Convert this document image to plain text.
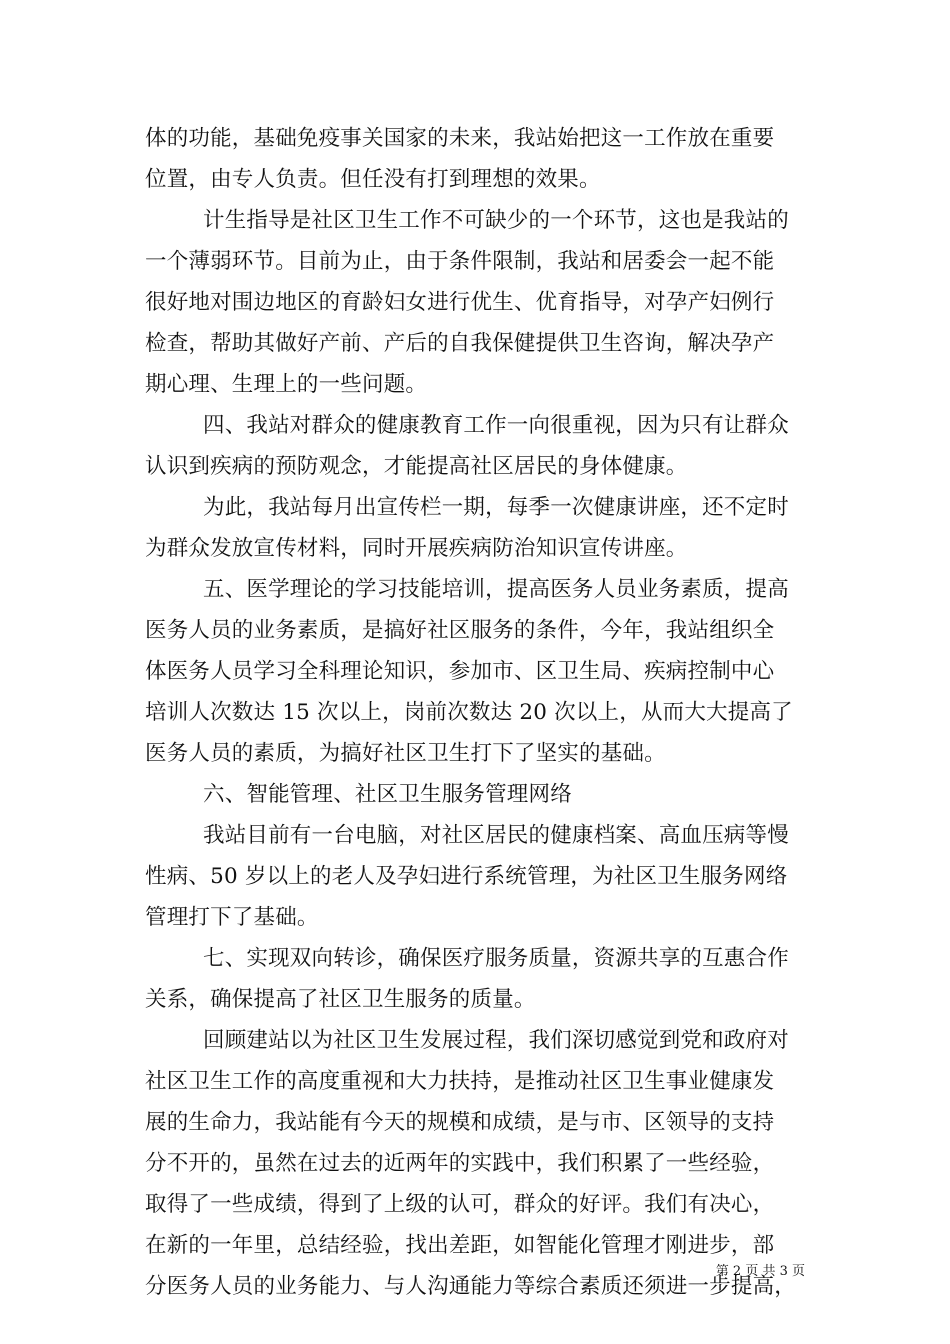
体的功能，基础免疫事关国家的未来，我站始把这一工作放在重要
位置，由专人负责。但任没有打到理想的效果。
计生指导是社区卫生工作不可缺少的一个环节，这也是我站的
一个薄弱环节。目前为止，由于条件限制，我站和居委会一起不能
很好地对围边地区的育龄妇女进行优生、优育指导，对孕产妇例行
检查，帮助其做好产前、产后的自我保健提供卫生咨询，解决孕产
期心理、生理上的一些问题。
四、我站对群众的健康教育工作一向很重视，因为只有让群众
认识到疾病的预防观念，才能提高社区居民的身体健康。
为此，我站每月出宣传栏一期，每季一次健康讲座，还不定时
为群众发放宣传材料，同时开展疾病防治知识宣传讲座。
五、医学理论的学习技能培训，提高医务人员业务素质，提高
医务人员的业务素质，是搞好社区服务的条件，今年，我站组织全
体医务人员学习全科理论知识，参加市、区卫生局、疾病控制中心
培训人次数达 15 次以上，岗前次数达 20 次以上，从而大大提高了
医务人员的素质，为搞好社区卫生打下了坚实的基础。
六、智能管理、社区卫生服务管理网络
我站目前有一台电脑，对社区居民的健康档案、高血压病等慢
性病、50 岁以上的老人及孕妇进行系统管理，为社区卫生服务网络
管理打下了基础。
七、实现双向转诊，确保医疗服务质量，资源共享的互惠合作
关系，确保提高了社区卫生服务的质量。
回顾建站以为社区卫生发展过程，我们深切感觉到党和政府对
社区卫生工作的高度重视和大力扶持，是推动社区卫生事业健康发
展的生命力，我站能有今天的规模和成绩，是与市、区领导的支持
分不开的，虽然在过去的近两年的实践中，我们积累了一些经验，
取得了一些成绩，得到了上级的认可，群众的好评。我们有决心，
在新的一年里，总结经验，找出差距，如智能化管理才刚进步，部
分医务人员的业务能力、与人沟通能力等综合素质还须进一步提高，
第 2 页 共 3 页
